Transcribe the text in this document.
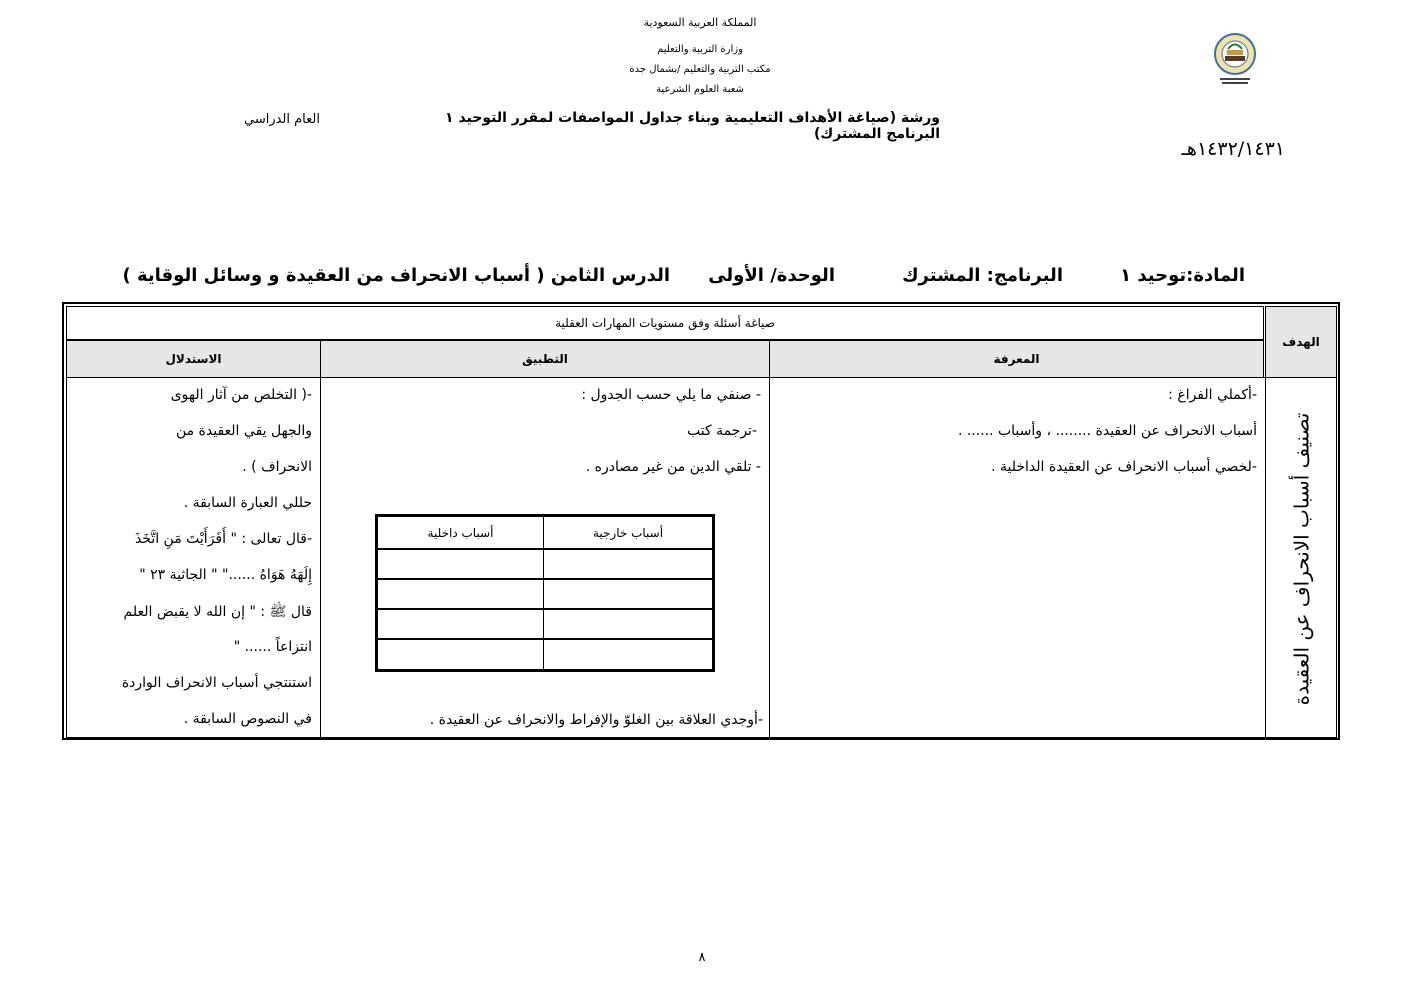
المملكة العربية السعودية
وزارة التربية والتعليم
مكتب التربية والتعليم /بشمال جدة
شعبة العلوم الشرعية
ورشة (صياغة الأهداف التعليمية وبناء جداول المواصفات لمقرر التوحيد ١ البرنامج المشترك)
العام الدراسي
١٤٣٢/١٤٣١هـ
المادة:توحيد ١
البرنامج: المشترك
الوحدة/ الأولى
الدرس الثامن ( أسباب الانحراف من العقيدة و وسائل الوقاية )
صياغة أسئلة وفق مستويات المهارات العقلية
الهدف
المعرفة
التطبيق
الاستدلال
تصنيف أسباب الانحراف عن العقيدة
-أكملي الفراغ :
أسباب الانحراف عن العقيدة ........ ، وأسباب ...... .
-لخصي أسباب الانحراف عن العقيدة الداخلية .
- صنفي ما يلي حسب الجدول :
-ترجمة كتب
- تلقي الدين من غير مصادره .
-أوجدي العلاقة بين الغلوّ والإفراط والانحراف عن العقيدة .
أسباب خارجية
أسباب داخلية
-( التخلص من آثار الهوى
والجهل يقي العقيدة من
الانحراف ) .
حللي العبارة السابقة .
-قال تعالى : " أَفَرَأَيْتَ مَنِ اتَّخَذَ
إِلَهَهُ هَوَاهُ ......" " الجاثية ٢٣ "
قال ﷺ : " إن الله لا يقبض العلم
انتزاعاً ...... "
استنتجي أسباب الانحراف الواردة
في النصوص السابقة .
٨
